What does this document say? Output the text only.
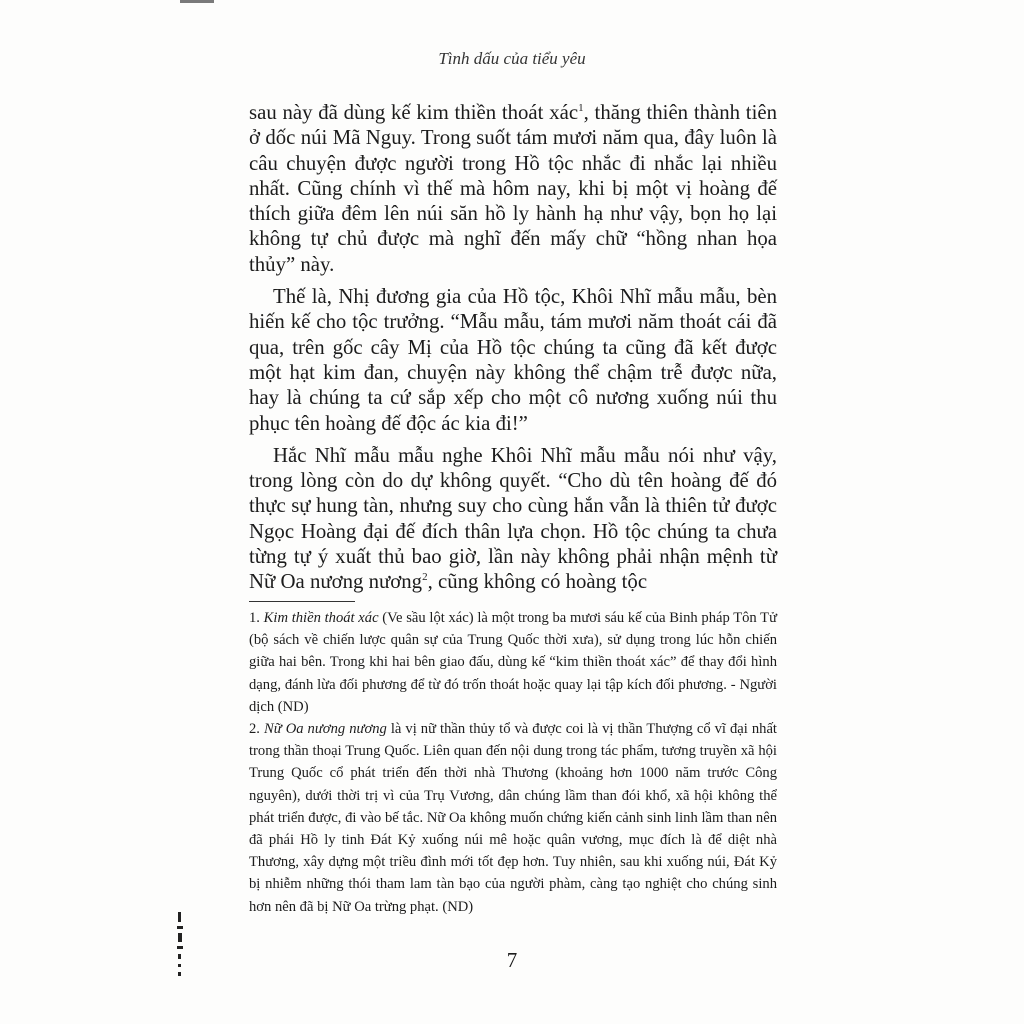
Tình dấu của tiểu yêu

sau này đã dùng kế kim thiền thoát xác$^1$, thăng thiên thành tiên ở dốc núi Mã Nguy. Trong suốt tám mươi năm qua, đây luôn là câu chuyện được người trong Hồ tộc nhắc đi nhắc lại nhiều nhất. Cũng chính vì thế mà hôm nay, khi bị một vị hoàng đế thích giữa đêm lên núi săn hồ ly hành hạ như vậy, bọn họ lại không tự chủ được mà nghĩ đến mấy chữ “hồng nhan họa thủy” này.

Thế là, Nhị đương gia của Hồ tộc, Khôi Nhĩ mẫu mẫu, bèn hiến kế cho tộc trưởng. “Mẫu mẫu, tám mươi năm thoát cái đã qua, trên gốc cây Mị của Hồ tộc chúng ta cũng đã kết được một hạt kim đan, chuyện này không thể chậm trễ được nữa, hay là chúng ta cứ sắp xếp cho một cô nương xuống núi thu phục tên hoàng đế độc ác kia đi!”

Hắc Nhĩ mẫu mẫu nghe Khôi Nhĩ mẫu mẫu nói như vậy, trong lòng còn do dự không quyết. “Cho dù tên hoàng đế đó thực sự hung tàn, nhưng suy cho cùng hắn vẫn là thiên tử được Ngọc Hoàng đại đế đích thân lựa chọn. Hồ tộc chúng ta chưa từng tự ý xuất thủ bao giờ, lần này không phải nhận mệnh từ Nữ Oa nương nương$^2$, cũng không có hoàng tộc

1. Kim thiền thoát xác (Ve sầu lột xác) là một trong ba mươi sáu kế của Binh pháp Tôn Tử (bộ sách về chiến lược quân sự của Trung Quốc thời xưa), sử dụng trong lúc hỗn chiến giữa hai bên. Trong khi hai bên giao đấu, dùng kế “kim thiền thoát xác” để thay đổi hình dạng, đánh lừa đối phương để từ đó trốn thoát hoặc quay lại tập kích đối phương. - Người dịch (ND)

2. Nữ Oa nương nương là vị nữ thần thủy tổ và được coi là vị thần Thượng cổ vĩ đại nhất trong thần thoại Trung Quốc. Liên quan đến nội dung trong tác phẩm, tương truyền xã hội Trung Quốc cổ phát triển đến thời nhà Thương (khoảng hơn 1000 năm trước Công nguyên), dưới thời trị vì của Trụ Vương, dân chúng lầm than đói khổ, xã hội không thể phát triển được, đi vào bế tắc. Nữ Oa không muốn chứng kiến cảnh sinh linh lầm than nên đã phái Hồ ly tinh Đát Kỷ xuống núi mê hoặc quân vương, mục đích là để diệt nhà Thương, xây dựng một triều đình mới tốt đẹp hơn. Tuy nhiên, sau khi xuống núi, Đát Kỷ bị nhiễm những thói tham lam tàn bạo của người phàm, càng tạo nghiệt cho chúng sinh hơn nên đã bị Nữ Oa trừng phạt. (ND)

7
